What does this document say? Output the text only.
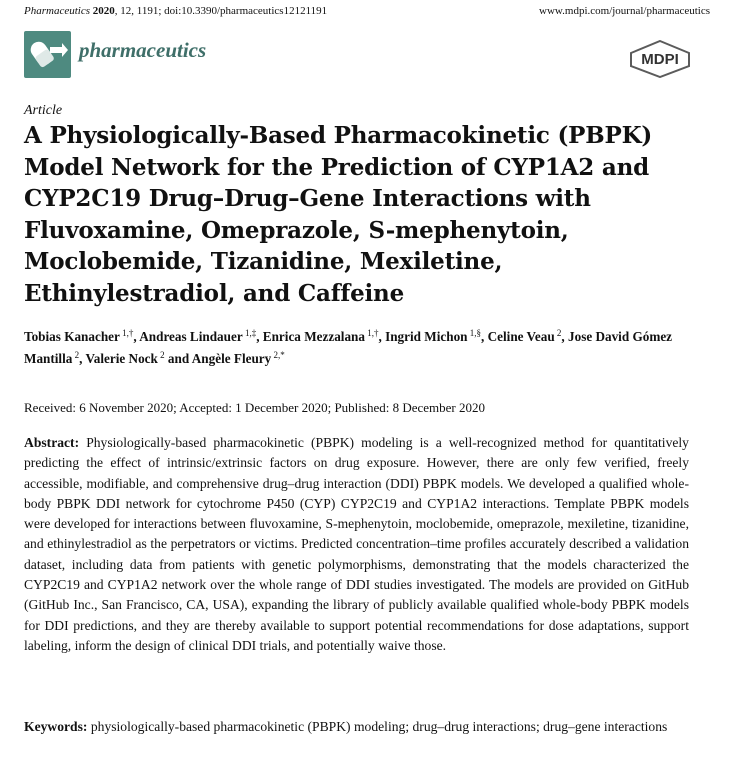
Pharmaceutics 2020, 12, 1191; doi:10.3390/pharmaceutics12121191	www.mdpi.com/journal/pharmaceutics
pharmaceutics	MDPI
Article
A Physiologically-Based Pharmacokinetic (PBPK) Model Network for the Prediction of CYP1A2 and CYP2C19 Drug–Drug–Gene Interactions with Fluvoxamine, Omeprazole, S-mephenytoin, Moclobemide, Tizanidine, Mexiletine, Ethinylestradiol, and Caffeine
Tobias Kanacher $^{1,\dagger}$, Andreas Lindauer $^{1,\ddagger}$, Enrica Mezzalana $^{1,\dagger}$, Ingrid Michon $^{1,\S}$, Celine Veau $^2$, Jose David Gómez Mantilla $^2$, Valerie Nock $^2$ and Angèle Fleury $^{2,*}$
Received: 6 November 2020; Accepted: 1 December 2020; Published: 8 December 2020
Abstract: Physiologically-based pharmacokinetic (PBPK) modeling is a well-recognized method for quantitatively predicting the effect of intrinsic/extrinsic factors on drug exposure. However, there are only few verified, freely accessible, modifiable, and comprehensive drug–drug interaction (DDI) PBPK models. We developed a qualified whole-body PBPK DDI network for cytochrome P450 (CYP) CYP2C19 and CYP1A2 interactions. Template PBPK models were developed for interactions between fluvoxamine, S-mephenytoin, moclobemide, omeprazole, mexiletine, tizanidine, and ethinylestradiol as the perpetrators or victims. Predicted concentration–time profiles accurately described a validation dataset, including data from patients with genetic polymorphisms, demonstrating that the models characterized the CYP2C19 and CYP1A2 network over the whole range of DDI studies investigated. The models are provided on GitHub (GitHub Inc., San Francisco, CA, USA), expanding the library of publicly available qualified whole-body PBPK models for DDI predictions, and they are thereby available to support potential recommendations for dose adaptations, support labeling, inform the design of clinical DDI trials, and potentially waive those.
Keywords: physiologically-based pharmacokinetic (PBPK) modeling; drug–drug interactions; drug–gene interactions
